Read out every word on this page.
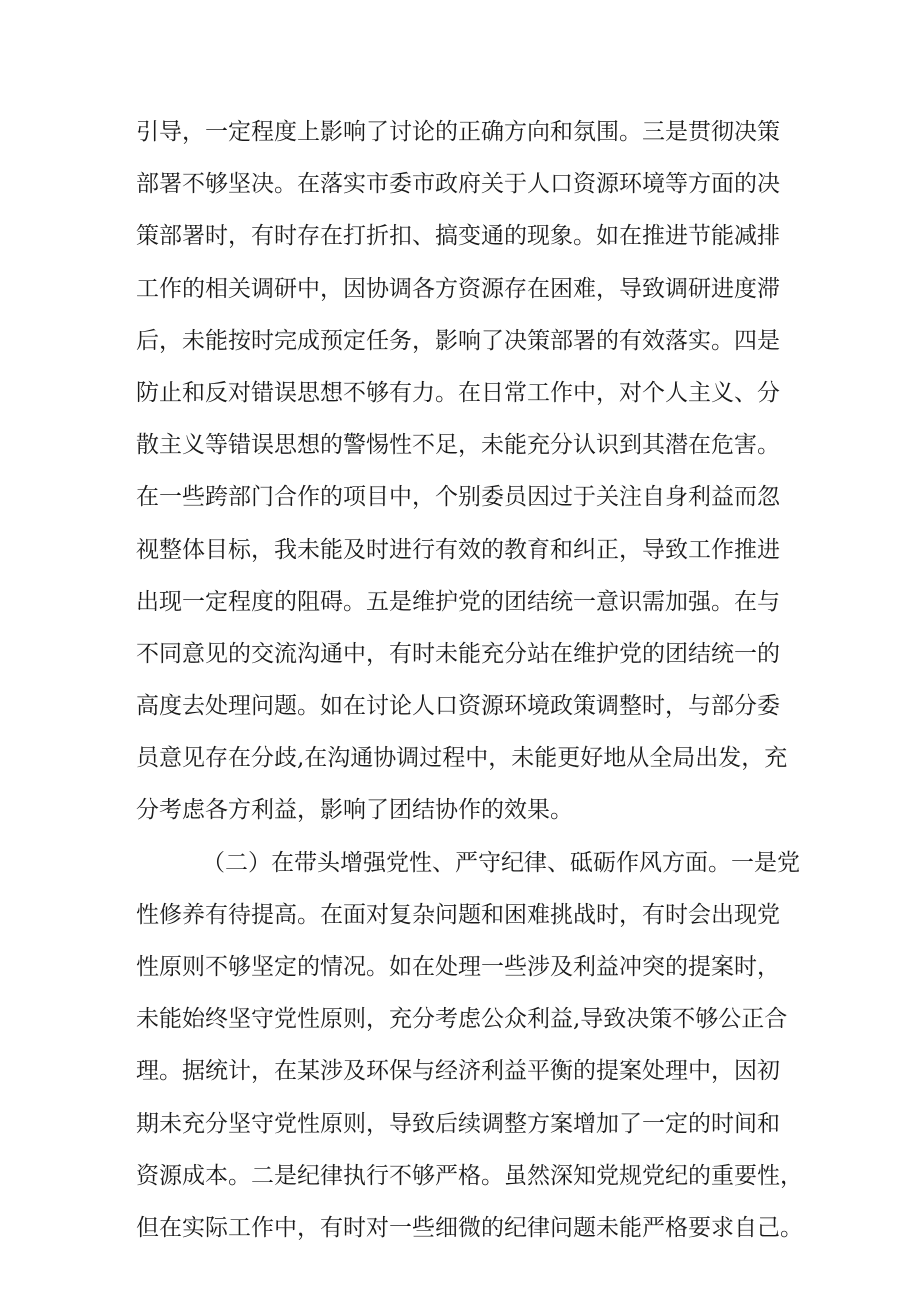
引导，一定程度上影响了讨论的正确方向和氛围。三是贯彻决策
部署不够坚决。在落实市委市政府关于人口资源环境等方面的决
策部署时，有时存在打折扣、搞变通的现象。如在推进节能减排
工作的相关调研中，因协调各方资源存在困难，导致调研进度滞
后，未能按时完成预定任务，影响了决策部署的有效落实。四是
防止和反对错误思想不够有力。在日常工作中，对个人主义、分
散主义等错误思想的警惕性不足，未能充分认识到其潜在危害。
在一些跨部门合作的项目中，个别委员因过于关注自身利益而忽
视整体目标，我未能及时进行有效的教育和纠正，导致工作推进
出现一定程度的阻碍。五是维护党的团结统一意识需加强。在与
不同意见的交流沟通中，有时未能充分站在维护党的团结统一的
高度去处理问题。如在讨论人口资源环境政策调整时，与部分委
员意见存在分歧,在沟通协调过程中，未能更好地从全局出发，充
分考虑各方利益，影响了团结协作的效果。
（二）在带头增强党性、严守纪律、砥砺作风方面。一是党
性修养有待提高。在面对复杂问题和困难挑战时，有时会出现党
性原则不够坚定的情况。如在处理一些涉及利益冲突的提案时，
未能始终坚守党性原则，充分考虑公众利益,导致决策不够公正合
理。据统计，在某涉及环保与经济利益平衡的提案处理中，因初
期未充分坚守党性原则，导致后续调整方案增加了一定的时间和
资源成本。二是纪律执行不够严格。虽然深知党规党纪的重要性，
但在实际工作中，有时对一些细微的纪律问题未能严格要求自己。
